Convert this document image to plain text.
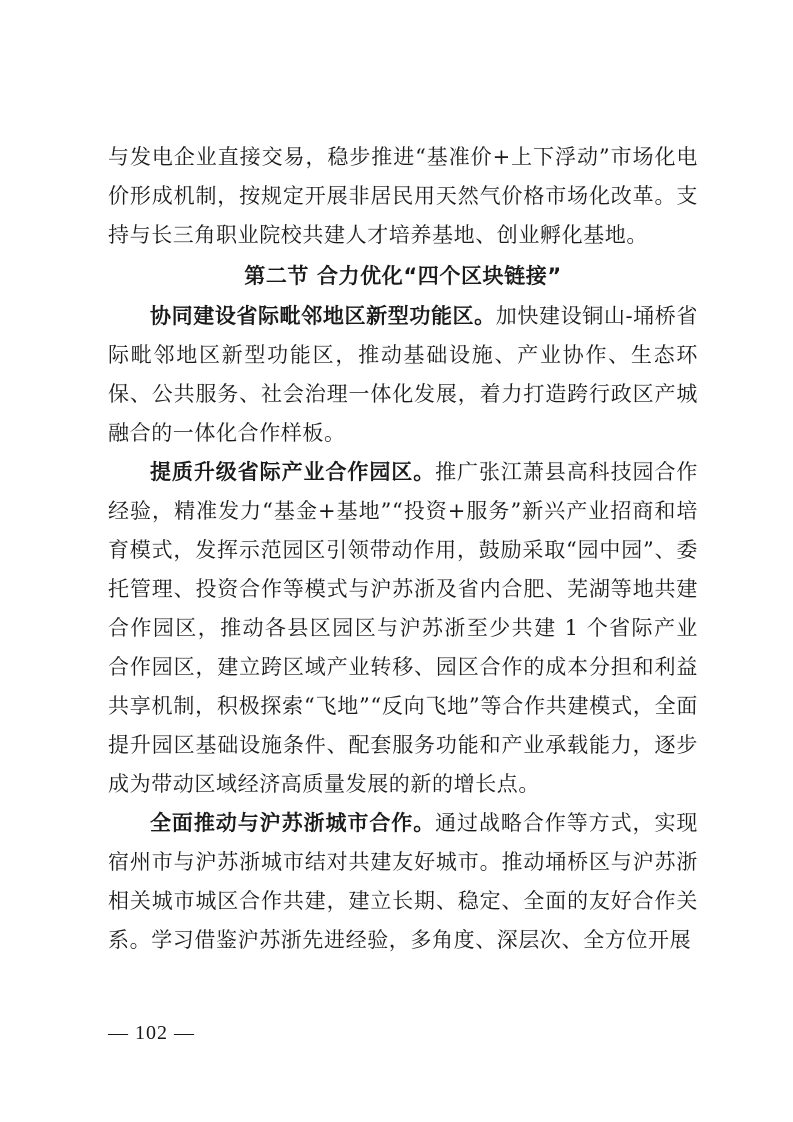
与发电企业直接交易，稳步推进“基准价+上下浮动”市场化电价形成机制，按规定开展非居民用天然气价格市场化改革。支持与长三角职业院校共建人才培养基地、创业孵化基地。

第二节 合力优化“四个区块链接”

协同建设省际毗邻地区新型功能区。加快建设铜山-埇桥省际毗邻地区新型功能区，推动基础设施、产业协作、生态环保、公共服务、社会治理一体化发展，着力打造跨行政区产城融合的一体化合作样板。

提质升级省际产业合作园区。推广张江萧县高科技园合作经验，精准发力“基金+基地”“投资+服务”新兴产业招商和培育模式，发挥示范园区引领带动作用，鼓励采取“园中园”、委托管理、投资合作等模式与沪苏浙及省内合肥、芜湖等地共建合作园区，推动各县区园区与沪苏浙至少共建 1 个省际产业合作园区，建立跨区域产业转移、园区合作的成本分担和利益共享机制，积极探索“飞地”“反向飞地”等合作共建模式，全面提升园区基础设施条件、配套服务功能和产业承载能力，逐步成为带动区域经济高质量发展的新的增长点。

全面推动与沪苏浙城市合作。通过战略合作等方式，实现宿州市与沪苏浙城市结对共建友好城市。推动埇桥区与沪苏浙相关城市城区合作共建，建立长期、稳定、全面的友好合作关系。学习借鉴沪苏浙先进经验，多角度、深层次、全方位开展

— 102 —
